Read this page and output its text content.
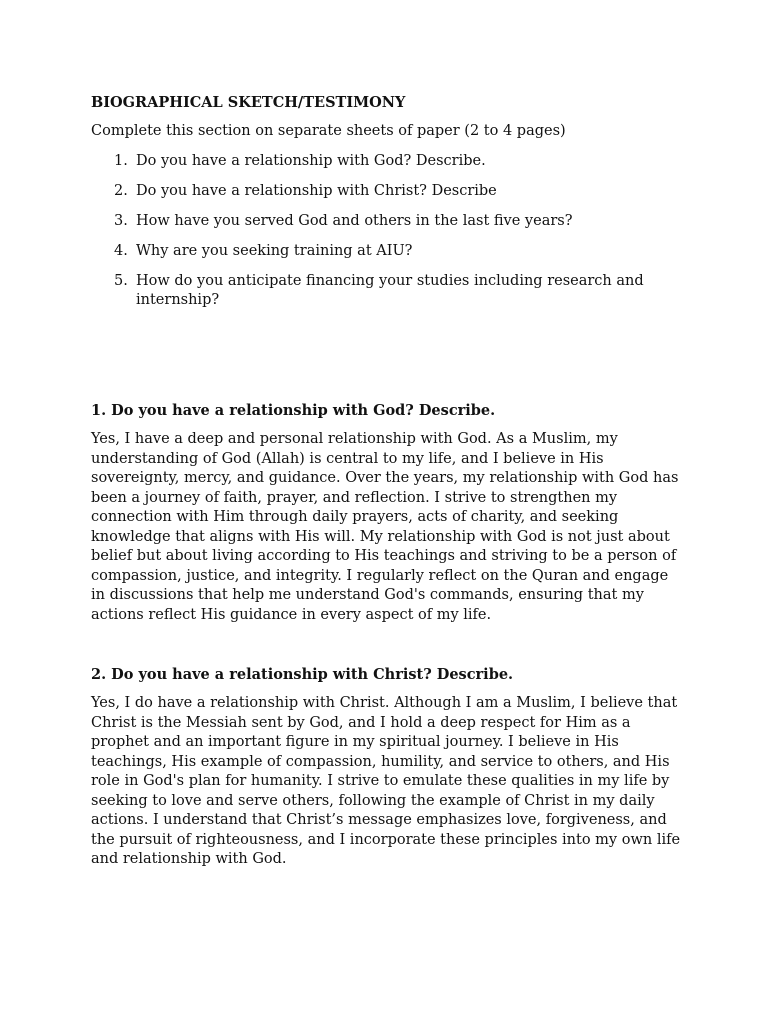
BIOGRAPHICAL SKETCH/TESTIMONY

Complete this section on separate sheets of paper (2 to 4 pages)

1. Do you have a relationship with God? Describe.
2. Do you have a relationship with Christ? Describe
3. How have you served God and others in the last five years?
4. Why are you seeking training at AIU?
5. How do you anticipate financing your studies including research and internship?

1. Do you have a relationship with God? Describe.

Yes, I have a deep and personal relationship with God. As a Muslim, my understanding of God (Allah) is central to my life, and I believe in His sovereignty, mercy, and guidance. Over the years, my relationship with God has been a journey of faith, prayer, and reflection. I strive to strengthen my connection with Him through daily prayers, acts of charity, and seeking knowledge that aligns with His will. My relationship with God is not just about belief but about living according to His teachings and striving to be a person of compassion, justice, and integrity. I regularly reflect on the Quran and engage in discussions that help me understand God's commands, ensuring that my actions reflect His guidance in every aspect of my life.

2. Do you have a relationship with Christ? Describe.

Yes, I do have a relationship with Christ. Although I am a Muslim, I believe that Christ is the Messiah sent by God, and I hold a deep respect for Him as a prophet and an important figure in my spiritual journey. I believe in His teachings, His example of compassion, humility, and service to others, and His role in God's plan for humanity. I strive to emulate these qualities in my life by seeking to love and serve others, following the example of Christ in my daily actions. I understand that Christ’s message emphasizes love, forgiveness, and the pursuit of righteousness, and I incorporate these principles into my own life and relationship with God.
